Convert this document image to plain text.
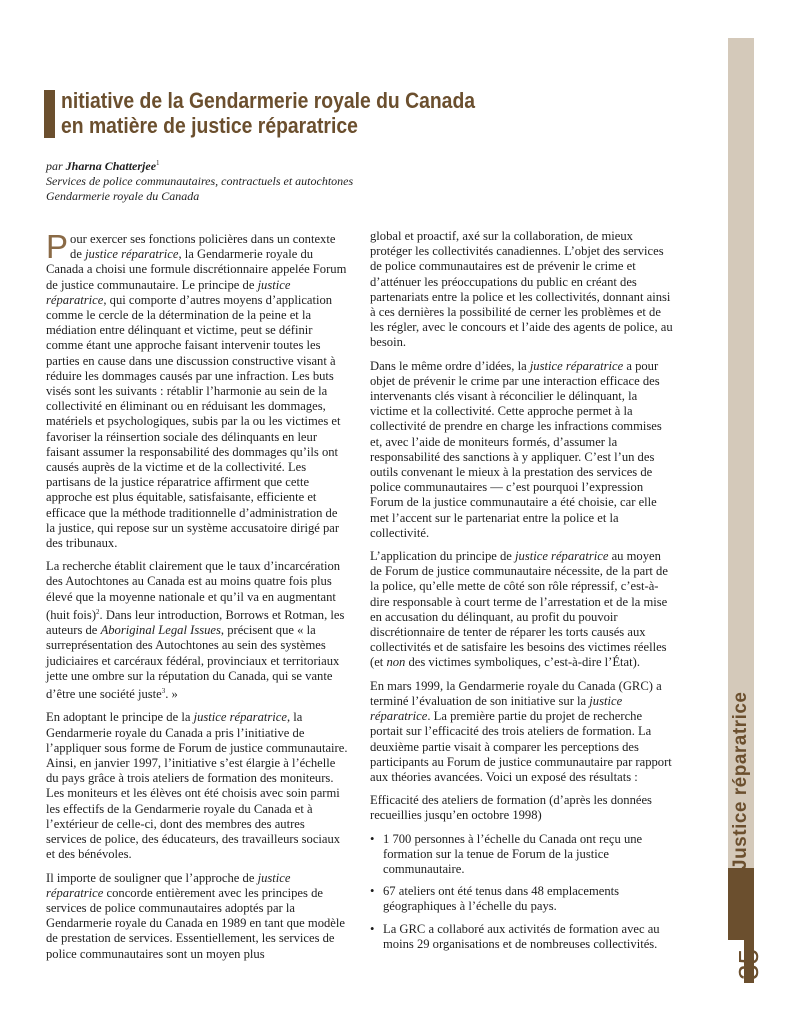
nitiative de la Gendarmerie royale du Canada
en matière de justice réparatrice
par Jharna Chatterjee$^1$
Services de police communautaires, contractuels et autochtones
Gendarmerie royale du Canada

Pour exercer ses fonctions policières dans un contexte de justice réparatrice, la Gendarmerie royale du Canada a choisi une formule discrétionnaire appelée Forum de justice communautaire. Le principe de justice réparatrice, qui comporte d’autres moyens d’application comme le cercle de la détermination de la peine et la médiation entre délinquant et victime, peut se définir comme étant une approche faisant intervenir toutes les parties en cause dans une discussion constructive visant à réduire les dommages causés par une infraction. Les buts visés sont les suivants : rétablir l’harmonie au sein de la collectivité en éliminant ou en réduisant les dommages, matériels et psychologiques, subis par la ou les victimes et favoriser la réinsertion sociale des délinquants en leur faisant assumer la responsabilité des dommages qu’ils ont causés auprès de la victime et de la collectivité. Les partisans de la justice réparatrice affirment que cette approche est plus équitable, satisfaisante, efficiente et efficace que la méthode traditionnelle d’administration de la justice, qui repose sur un système accusatoire dirigé par des tribunaux.

La recherche établit clairement que le taux d’incarcération des Autochtones au Canada est au moins quatre fois plus élevé que la moyenne nationale et qu’il va en augmentant (huit fois)$^2$. Dans leur introduction, Borrows et Rotman, les auteurs de Aboriginal Legal Issues, précisent que « la surreprésentation des Autochtones au sein des systèmes judiciaires et carcéraux fédéral, provinciaux et territoriaux jette une ombre sur la réputation du Canada, qui se vante d’être une société juste$^3$. »

En adoptant le principe de la justice réparatrice, la Gendarmerie royale du Canada a pris l’initiative de l’appliquer sous forme de Forum de justice communautaire. Ainsi, en janvier 1997, l’initiative s’est élargie à l’échelle du pays grâce à trois ateliers de formation des moniteurs. Les moniteurs et les élèves ont été choisis avec soin parmi les effectifs de la Gendarmerie royale du Canada et à l’extérieur de celle-ci, dont des membres des autres services de police, des éducateurs, des travailleurs sociaux et des bénévoles.

Il importe de souligner que l’approche de justice réparatrice concorde entièrement avec les principes de services de police communautaires adoptés par la Gendarmerie royale du Canada en 1989 en tant que modèle de prestation de services. Essentiellement, les services de police communautaires sont un moyen plus

global et proactif, axé sur la collaboration, de mieux protéger les collectivités canadiennes. L’objet des services de police communautaires est de prévenir le crime et d’atténuer les préoccupations du public en créant des partenariats entre la police et les collectivités, donnant ainsi à ces dernières la possibilité de cerner les problèmes et de les régler, avec le concours et l’aide des agents de police, au besoin.

Dans le même ordre d’idées, la justice réparatrice a pour objet de prévenir le crime par une interaction efficace des intervenants clés visant à réconcilier le délinquant, la victime et la collectivité. Cette approche permet à la collectivité de prendre en charge les infractions commises et, avec l’aide de moniteurs formés, d’assumer la responsabilité des sanctions à y appliquer. C’est l’un des outils convenant le mieux à la prestation des services de police communautaires — c’est pourquoi l’expression Forum de la justice communautaire a été choisie, car elle met l’accent sur le partenariat entre la police et la collectivité.

L’application du principe de justice réparatrice au moyen de Forum de justice communautaire nécessite, de la part de la police, qu’elle mette de côté son rôle répressif, c’est-à-dire responsable à court terme de l’arrestation et de la mise en accusation du délinquant, au profit du pouvoir discrétionnaire de tenter de réparer les torts causés aux collectivités et de satisfaire les besoins des victimes réelles (et non des victimes symboliques, c’est-à-dire l’État).

En mars 1999, la Gendarmerie royale du Canada (GRC) a terminé l’évaluation de son initiative sur la justice réparatrice. La première partie du projet de recherche portait sur l’efficacité des trois ateliers de formation. La deuxième partie visait à comparer les perceptions des participants au Forum de justice communautaire par rapport aux théories avancées. Voici un exposé des résultats :

Efficacité des ateliers de formation (d’après les données recueillies jusqu’en octobre 1998)

• 1 700 personnes à l’échelle du Canada ont reçu une formation sur la tenue de Forum de la justice communautaire.
• 67 ateliers ont été tenus dans 48 emplacements géographiques à l’échelle du pays.
• La GRC a collaboré aux activités de formation avec au moins 29 organisations et de nombreuses collectivités.
Justice réparatrice
35
